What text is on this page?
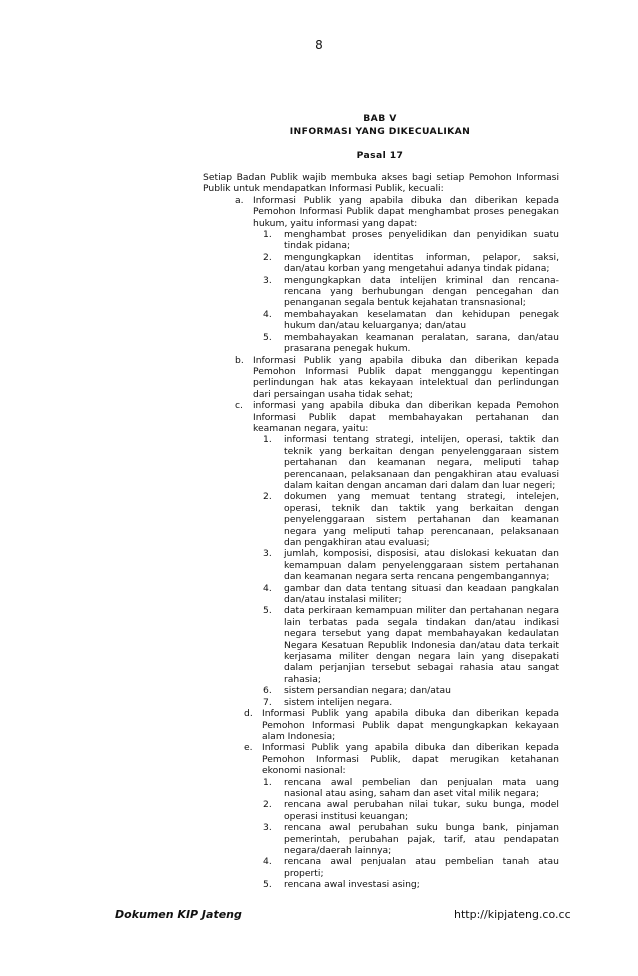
8
BAB V
INFORMASI YANG DIKECUALIKAN
Pasal 17

Setiap Badan Publik wajib membuka akses bagi setiap Pemohon Informasi Publik untuk mendapatkan Informasi Publik, kecuali:

a. Informasi Publik yang apabila dibuka dan diberikan kepada Pemohon Informasi Publik dapat menghambat proses penegakan hukum, yaitu informasi yang dapat:
1. menghambat proses penyelidikan dan penyidikan suatu tindak pidana;
2. mengungkapkan identitas informan, pelapor, saksi, dan/atau korban yang mengetahui adanya tindak pidana;
3. mengungkapkan data intelijen kriminal dan rencana-rencana yang berhubungan dengan pencegahan dan penanganan segala bentuk kejahatan transnasional;
4. membahayakan keselamatan dan kehidupan penegak hukum dan/atau keluarganya; dan/atau
5. membahayakan keamanan peralatan, sarana, dan/atau prasarana penegak hukum.
b. Informasi Publik yang apabila dibuka dan diberikan kepada Pemohon Informasi Publik dapat mengganggu kepentingan perlindungan hak atas kekayaan intelektual dan perlindungan dari persaingan usaha tidak sehat;
c. informasi yang apabila dibuka dan diberikan kepada Pemohon Informasi Publik dapat membahayakan pertahanan dan keamanan negara, yaitu:
1. informasi tentang strategi, intelijen, operasi, taktik dan teknik yang berkaitan dengan penyelenggaraan sistem pertahanan dan keamanan negara, meliputi tahap perencanaan, pelaksanaan dan pengakhiran atau evaluasi dalam kaitan dengan ancaman dari dalam dan luar negeri;
2. dokumen yang memuat tentang strategi, intelejen, operasi, teknik dan taktik yang berkaitan dengan penyelenggaraan sistem pertahanan dan keamanan negara yang meliputi tahap perencanaan, pelaksanaan dan pengakhiran atau evaluasi;
3. jumlah, komposisi, disposisi, atau dislokasi kekuatan dan kemampuan dalam penyelenggaraan sistem pertahanan dan keamanan negara serta rencana pengembangannya;
4. gambar dan data tentang situasi dan keadaan pangkalan dan/atau instalasi militer;
5. data perkiraan kemampuan militer dan pertahanan negara lain terbatas pada segala tindakan dan/atau indikasi negara tersebut yang dapat membahayakan kedaulatan Negara Kesatuan Republik Indonesia dan/atau data terkait kerjasama militer dengan negara lain yang disepakati dalam perjanjian tersebut sebagai rahasia atau sangat rahasia;
6. sistem persandian negara; dan/atau
7. sistem intelijen negara.
d. Informasi Publik yang apabila dibuka dan diberikan kepada Pemohon Informasi Publik dapat mengungkapkan kekayaan alam Indonesia;
e. Informasi Publik yang apabila dibuka dan diberikan kepada Pemohon Informasi Publik, dapat merugikan ketahanan ekonomi nasional:
1. rencana awal pembelian dan penjualan mata uang nasional atau asing, saham dan aset vital milik negara;
2. rencana awal perubahan nilai tukar, suku bunga, model operasi institusi keuangan;
3. rencana awal perubahan suku bunga bank, pinjaman pemerintah, perubahan pajak, tarif, atau pendapatan negara/daerah lainnya;
4. rencana awal penjualan atau pembelian tanah atau properti;
5. rencana awal investasi asing;
Dokumen KIP Jateng	http://kipjateng.co.cc
